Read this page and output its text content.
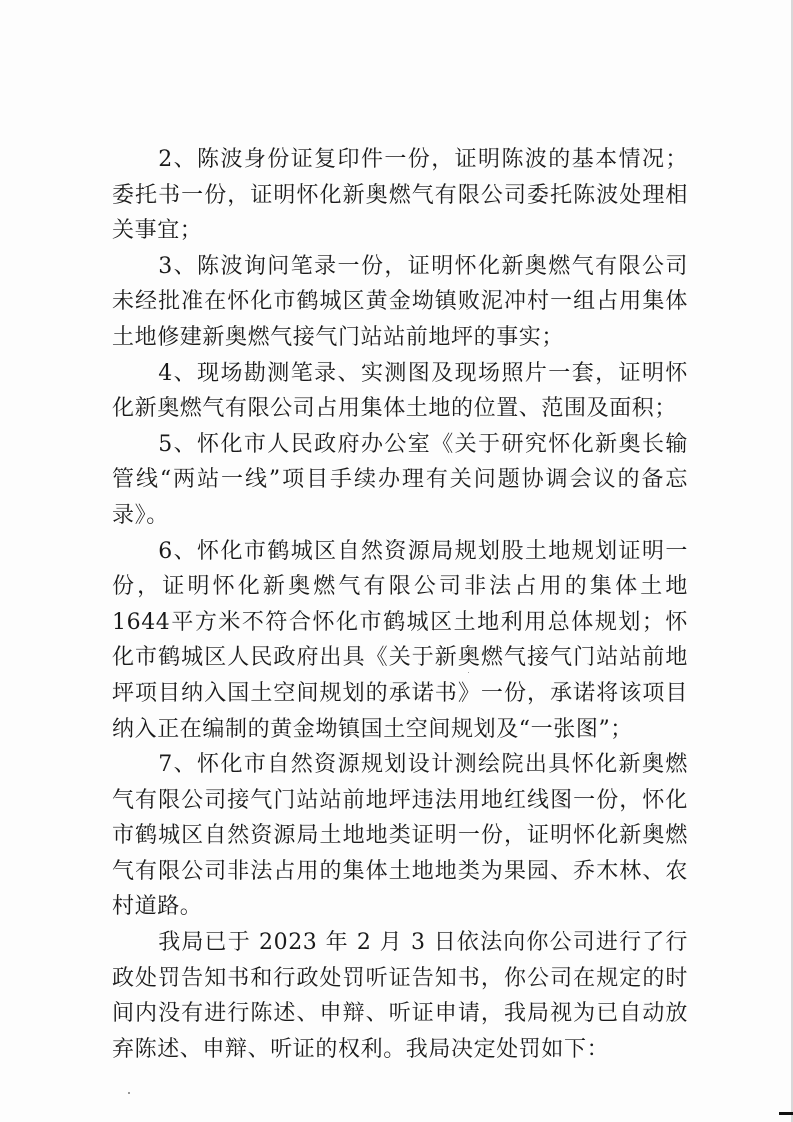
2、陈波身份证复印件一份，证明陈波的基本情况；委托书一份，证明怀化新奥燃气有限公司委托陈波处理相关事宜；

3、陈波询问笔录一份，证明怀化新奥燃气有限公司未经批准在怀化市鹤城区黄金坳镇败泥冲村一组占用集体土地修建新奥燃气接气门站站前地坪的事实；

4、现场勘测笔录、实测图及现场照片一套，证明怀化新奥燃气有限公司占用集体土地的位置、范围及面积；

5、怀化市人民政府办公室《关于研究怀化新奥长输管线“两站一线”项目手续办理有关问题协调会议的备忘录》。

6、怀化市鹤城区自然资源局规划股土地规划证明一份，证明怀化新奥燃气有限公司非法占用的集体土地1644平方米不符合怀化市鹤城区土地利用总体规划；怀化市鹤城区人民政府出具《关于新奥燃气接气门站站前地坪项目纳入国土空间规划的承诺书》一份，承诺将该项目纳入正在编制的黄金坳镇国土空间规划及“一张图”；

7、怀化市自然资源规划设计测绘院出具怀化新奥燃气有限公司接气门站站前地坪违法用地红线图一份，怀化市鹤城区自然资源局土地地类证明一份，证明怀化新奥燃气有限公司非法占用的集体土地地类为果园、乔木林、农村道路。

我局已于 2023 年 2 月 3 日依法向你公司进行了行政处罚告知书和行政处罚听证告知书，你公司在规定的时间内没有进行陈述、申辩、听证申请，我局视为已自动放弃陈述、申辩、听证的权利。我局决定处罚如下：
